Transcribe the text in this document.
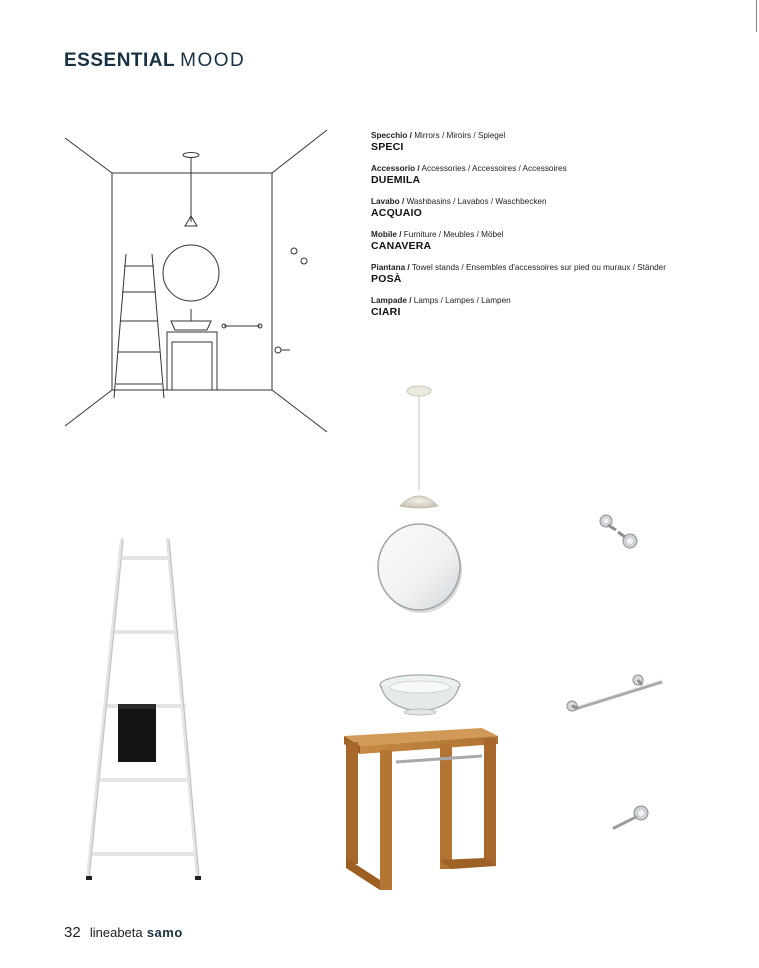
ESSENTIAL MOOD
Specchio / Mirrors / Miroirs / Spiegel
SPECI
Accessorio / Accessories / Accessoires / Accessoires
DUEMILA
Lavabo / Washbasins / Lavabos / Waschbecken
ACQUAIO
Mobile / Furniture / Meubles / Möbel
CANAVERA
Piantana / Towel stands / Ensembles d'accessoires sur pied ou muraux / Ständer
POSÀ
Lampade / Lamps / Lampes / Lampen
CIARI
32 lineabeta samo
